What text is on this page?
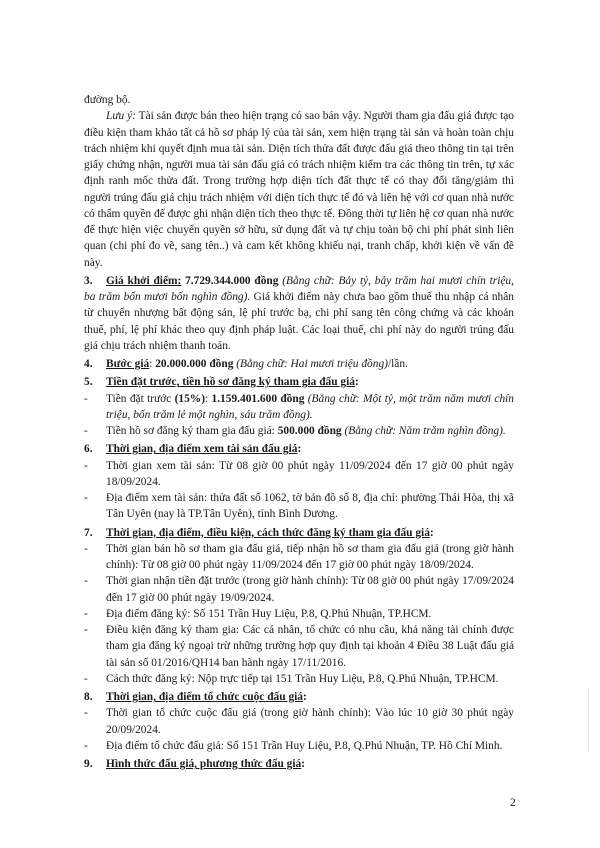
đường bộ.

Lưu ý: Tài sản được bán theo hiện trạng có sao bán vậy. Người tham gia đấu giá được tạo điều kiện tham khảo tất cả hồ sơ pháp lý của tài sản, xem hiện trạng tài sản và hoàn toàn chịu trách nhiệm khi quyết định mua tài sản. Diện tích thửa đất được đấu giá theo thông tin tại trên giấy chứng nhận, người mua tài sản đấu giá có trách nhiệm kiểm tra các thông tin trên, tự xác định ranh mốc thửa đất. Trong trường hợp diện tích đất thực tế có thay đổi tăng/giảm thì người trúng đấu giá chịu trách nhiệm với diện tích thực tế đó và liên hệ với cơ quan nhà nước có thẩm quyền để được ghi nhận diện tích theo thực tế. Đồng thời tự liên hệ cơ quan nhà nước để thực hiện việc chuyển quyền sở hữu, sử dụng đất và tự chịu toàn bộ chi phí phát sinh liên quan (chi phí đo vẽ, sang tên..) và cam kết không khiếu nại, tranh chấp, khởi kiện về vấn đề này.

3. Giá khởi điểm: 7.729.344.000 đồng (Bằng chữ: Bảy tỷ, bảy trăm hai mươi chín triệu, ba trăm bốn mươi bốn nghìn đồng). Giá khởi điểm này chưa bao gồm thuế thu nhập cá nhân từ chuyển nhượng bất động sản, lệ phí trước bạ, chi phí sang tên công chứng và các khoản thuế, phí, lệ phí khác theo quy định pháp luật. Các loại thuế, chi phí này do người trúng đấu giá chịu trách nhiệm thanh toán.

4. Bước giá: 20.000.000 đồng (Bằng chữ: Hai mươi triệu đồng)/lần.

5. Tiền đặt trước, tiền hồ sơ đăng ký tham gia đấu giá:

- Tiền đặt trước (15%): 1.159.401.600 đồng (Bằng chữ: Một tỷ, một trăm năm mươi chín triệu, bốn trăm lẻ một nghìn, sáu trăm đồng).

- Tiền hồ sơ đăng ký tham gia đấu giá: 500.000 đồng (Bằng chữ: Năm trăm nghìn đồng).

6. Thời gian, địa điểm xem tài sản đấu giá:

- Thời gian xem tài sản: Từ 08 giờ 00 phút ngày 11/09/2024 đến 17 giờ 00 phút ngày 18/09/2024.

- Địa điểm xem tài sản: thửa đất số 1062, tờ bản đồ số 8, địa chỉ: phường Thái Hòa, thị xã Tân Uyên (nay là TP.Tân Uyên), tỉnh Bình Dương.

7. Thời gian, địa điểm, điều kiện, cách thức đăng ký tham gia đấu giá:

- Thời gian bán hồ sơ tham gia đấu giá, tiếp nhận hồ sơ tham gia đấu giá (trong giờ hành chính): Từ 08 giờ 00 phút ngày 11/09/2024 đến 17 giờ 00 phút ngày 18/09/2024.

- Thời gian nhận tiền đặt trước (trong giờ hành chính): Từ 08 giờ 00 phút ngày 17/09/2024 đến 17 giờ 00 phút ngày 19/09/2024.

- Địa điểm đăng ký: Số 151 Trần Huy Liệu, P.8, Q.Phú Nhuận, TP.HCM.

- Điều kiện đăng ký tham gia: Các cá nhân, tổ chức có nhu cầu, khả năng tài chính được tham gia đăng ký ngoại trừ những trường hợp quy định tại khoản 4 Điều 38 Luật đấu giá tài sản số 01/2016/QH14 ban hành ngày 17/11/2016.

- Cách thức đăng ký: Nộp trực tiếp tại 151 Trần Huy Liệu, P.8, Q.Phú Nhuận, TP.HCM.

8. Thời gian, địa điểm tổ chức cuộc đấu giá:

- Thời gian tổ chức cuộc đấu giá (trong giờ hành chính): Vào lúc 10 giờ 30 phút ngày 20/09/2024.

- Địa điểm tổ chức đấu giá: Số 151 Trần Huy Liệu, P.8, Q.Phú Nhuận, TP. Hồ Chí Minh.

9. Hình thức đấu giá, phương thức đấu giá:

2
